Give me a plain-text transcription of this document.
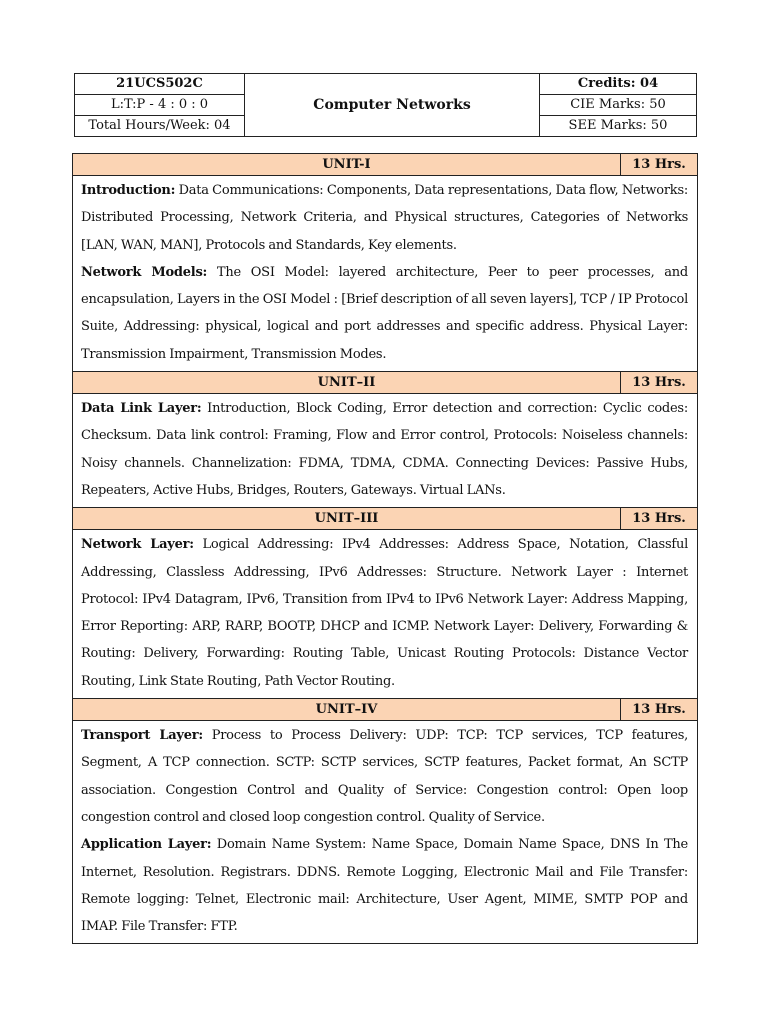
21UCS502C	Computer Networks	Credits: 04
L:T:P - 4 : 0 : 0		CIE Marks: 50
Total Hours/Week: 04		SEE Marks: 50
UNIT-I	13 Hrs.

Introduction: Data Communications: Components, Data representations, Data flow, Networks: Distributed Processing, Network Criteria, and Physical structures, Categories of Networks [LAN, WAN, MAN], Protocols and Standards, Key elements.

Network Models: The OSI Model: layered architecture, Peer to peer processes, and encapsulation, Layers in the OSI Model : [Brief description of all seven layers], TCP / IP Protocol Suite, Addressing: physical, logical and port addresses and specific address. Physical Layer: Transmission Impairment, Transmission Modes.	

UNIT–II	13 Hrs.

Data Link Layer: Introduction, Block Coding, Error detection and correction: Cyclic codes: Checksum. Data link control: Framing, Flow and Error control, Protocols: Noiseless channels: Noisy channels. Channelization: FDMA, TDMA, CDMA. Connecting Devices: Passive Hubs, Repeaters, Active Hubs, Bridges, Routers, Gateways. Virtual LANs.	

UNIT–III	13 Hrs.

Network Layer: Logical Addressing: IPv4 Addresses: Address Space, Notation, Classful Addressing, Classless Addressing, IPv6 Addresses: Structure. Network Layer : Internet Protocol: IPv4 Datagram, IPv6, Transition from IPv4 to IPv6 Network Layer: Address Mapping, Error Reporting: ARP, RARP, BOOTP, DHCP and ICMP. Network Layer: Delivery, Forwarding & Routing: Delivery, Forwarding: Routing Table, Unicast Routing Protocols: Distance Vector Routing, Link State Routing, Path Vector Routing.	

UNIT–IV	13 Hrs.

Transport Layer: Process to Process Delivery: UDP: TCP: TCP services, TCP features, Segment, A TCP connection. SCTP: SCTP services, SCTP features, Packet format, An SCTP association. Congestion Control and Quality of Service: Congestion control: Open loop congestion control and closed loop congestion control. Quality of Service.

Application Layer: Domain Name System: Name Space, Domain Name Space, DNS In The Internet, Resolution. Registrars. DDNS. Remote Logging, Electronic Mail and File Transfer: Remote logging: Telnet, Electronic mail: Architecture, User Agent, MIME, SMTP POP and IMAP. File Transfer: FTP.	
